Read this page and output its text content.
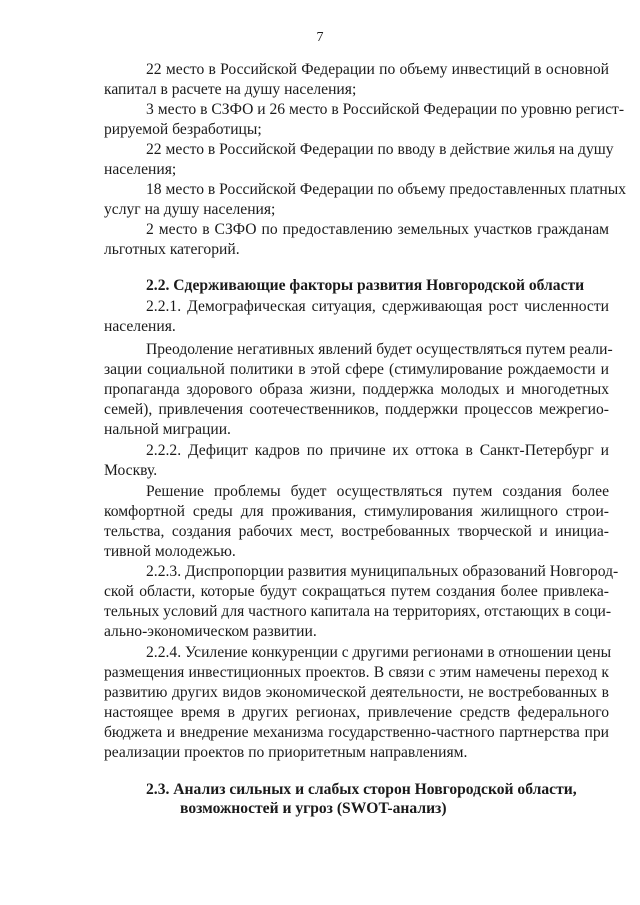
7
22 место в Российской Федерации по объему инвестиций в основной
капитал в расчете на душу населения;
3 место в СЗФО и 26 место в Российской Федерации по уровню регист-
рируемой безработицы;
22 место в Российской Федерации по вводу в действие жилья на душу
населения;
18 место в Российской Федерации по объему предоставленных платных
услуг на душу населения;
2 место в СЗФО по предоставлению земельных участков гражданам
льготных категорий.
2.2. Сдерживающие факторы развития Новгородской области
2.2.1. Демографическая ситуация, сдерживающая рост численности
населения.
Преодоление негативных явлений будет осуществляться путем реали-
зации социальной политики в этой сфере (стимулирование рождаемости и
пропаганда здорового образа жизни, поддержка молодых и многодетных
семей), привлечения соотечественников, поддержки процессов межрегио-
нальной миграции.
2.2.2. Дефицит кадров по причине их оттока в Санкт-Петербург и
Москву.
Решение проблемы будет осуществляться путем создания более
комфортной среды для проживания, стимулирования жилищного строи-
тельства, создания рабочих мест, востребованных творческой и инициа-
тивной молодежью.
2.2.3. Диспропорции развития муниципальных образований Новгород-
ской области, которые будут сокращаться путем создания более привлека-
тельных условий для частного капитала на территориях, отстающих в соци-
ально-экономическом развитии.
2.2.4. Усиление конкуренции с другими регионами в отношении цены
размещения инвестиционных проектов. В связи с этим намечены переход к
развитию других видов экономической деятельности, не востребованных в
настоящее время в других регионах, привлечение средств федерального
бюджета и внедрение механизма государственно-частного партнерства при
реализации проектов по приоритетным направлениям.
2.3. Анализ сильных и слабых сторон Новгородской области,
возможностей и угроз (SWOT-анализ)
